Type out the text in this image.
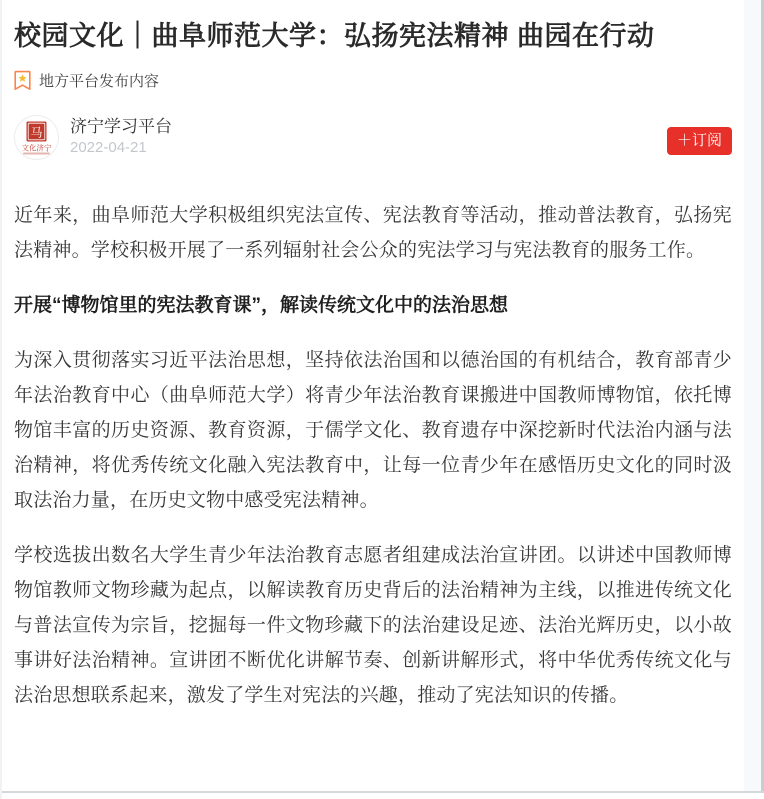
校园文化｜曲阜师范大学：弘扬宪法精神 曲园在行动
地方平台发布内容
马
文化济宁
济宁学习平台
2022-04-21	＋订阅

近年来，曲阜师范大学积极组织宪法宣传、宪法教育等活动，推动普法教育，弘扬宪法精神。学校积极开展了一系列辐射社会公众的宪法学习与宪法教育的服务工作。

开展“博物馆里的宪法教育课”，解读传统文化中的法治思想

为深入贯彻落实习近平法治思想，坚持依法治国和以德治国的有机结合，教育部青少年法治教育中心（曲阜师范大学）将青少年法治教育课搬进中国教师博物馆，依托博物馆丰富的历史资源、教育资源，于儒学文化、教育遗存中深挖新时代法治内涵与法治精神，将优秀传统文化融入宪法教育中，让每一位青少年在感悟历史文化的同时汲取法治力量，在历史文物中感受宪法精神。

学校选拔出数名大学生青少年法治教育志愿者组建成法治宣讲团。以讲述中国教师博物馆教师文物珍藏为起点，以解读教育历史背后的法治精神为主线，以推进传统文化与普法宣传为宗旨，挖掘每一件文物珍藏下的法治建设足迹、法治光辉历史，以小故事讲好法治精神。宣讲团不断优化讲解节奏、创新讲解形式，将中华优秀传统文化与法治思想联系起来，激发了学生对宪法的兴趣，推动了宪法知识的传播。
